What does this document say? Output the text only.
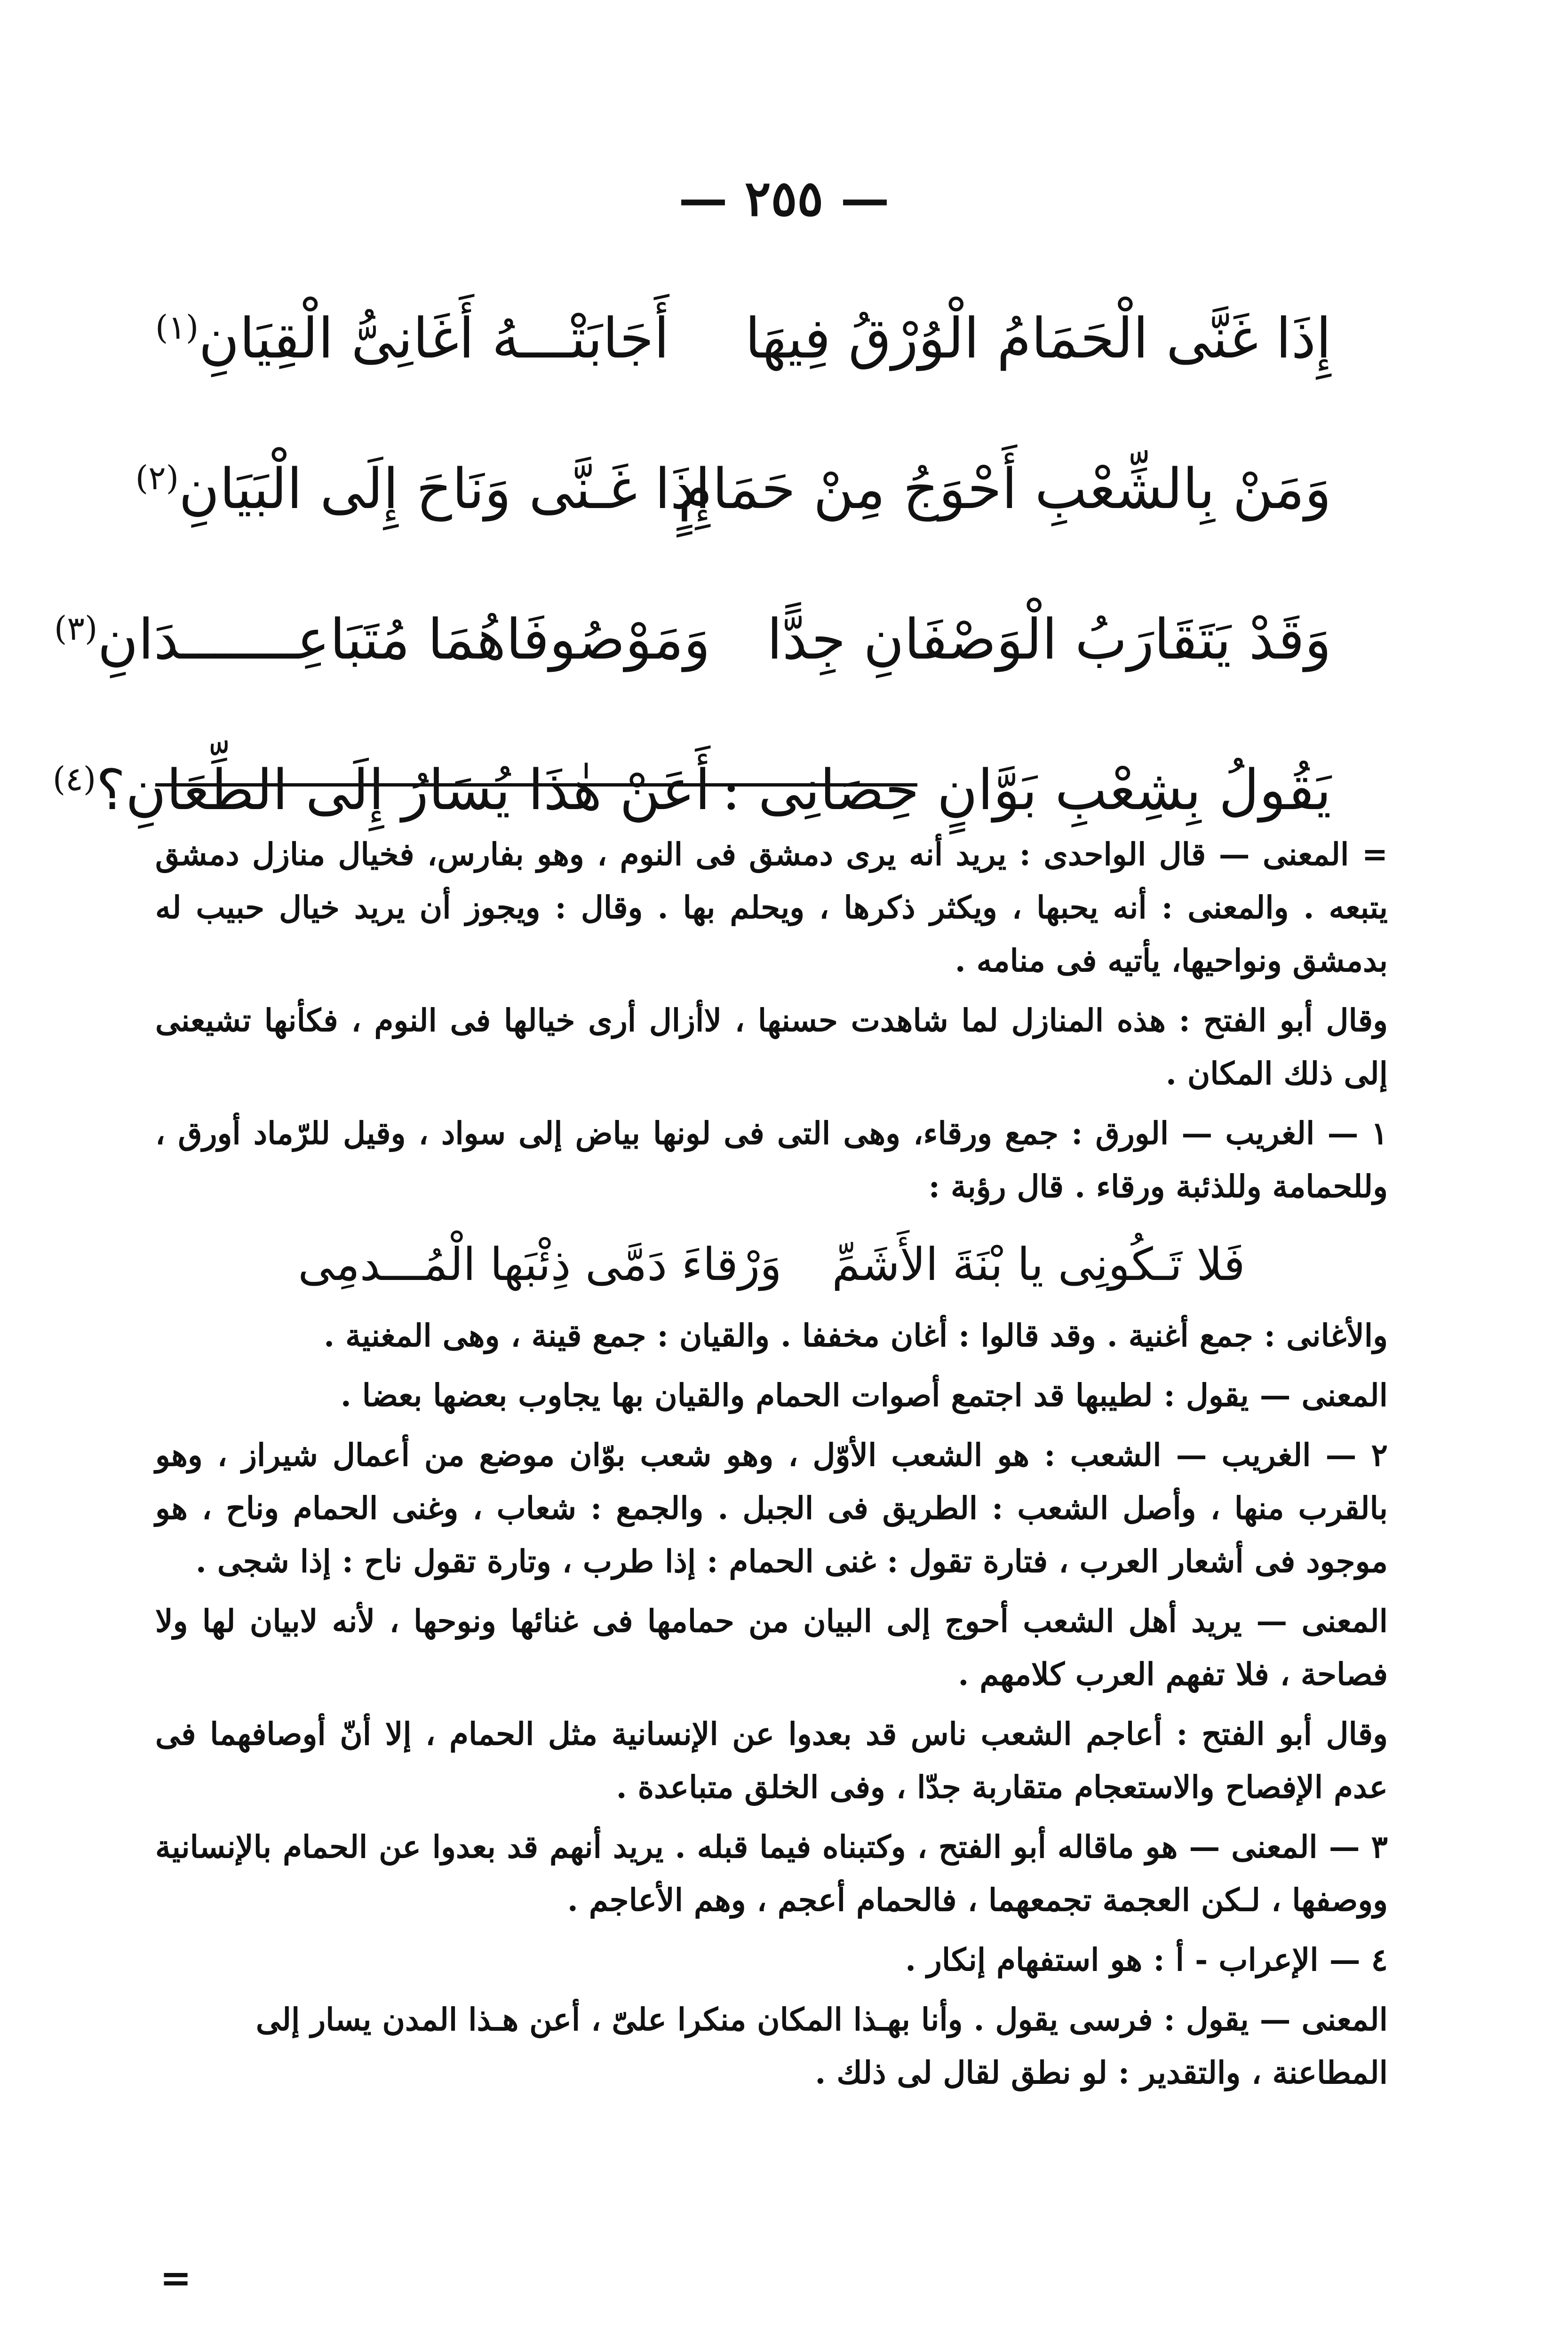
— ٢٥٥ —
إِذَا غَنَّى الْحَمَامُ الْوُرْقُ فِيهَا
أَجَابَتْـــهُ أَغَانِىُّ الْقِيَانِ(١)
وَمَنْ بِالشِّعْبِ أَحْوَجُ مِنْ حَمَامٍ
إِذَا غَـنَّى وَنَاحَ إِلَى الْبَيَانِ(٢)
وَقَدْ يَتَقَارَبُ الْوَصْفَانِ جِدًّا
وَمَوْصُوفَاهُمَا مُتَبَاعِـــــــدَانِ(٣)
يَقُولُ بِشِعْبِ بَوَّانٍ حِصَانِى :
أَعَنْ هٰذَا يُسَارُ إِلَى الطِّعَانِ؟(٤)

= المعنى — قال الواحدى : يريد أنه يرى دمشق فى النوم ، وهو بفارس، فخيال منازل دمشق يتبعه . والمعنى : أنه يحبها ، ويكثر ذكرها ، ويحلم بها . وقال : ويجوز أن يريد خيال حبيب له بدمشق ونواحيها، يأتيه فى منامه .

وقال أبو الفتح : هذه المنازل لما شاهدت حسنها ، لاأزال أرى خيالها فى النوم ، فكأنها تشيعنى إلى ذلك المكان .

١ — الغريب — الورق : جمع ورقاء، وهى التى فى لونها بياض إلى سواد ، وقيل للرّماد أورق ، وللحمامة وللذئبة ورقاء . قال رؤبة :

فَلا تَـكُونِى يا بْنَةَ الأَشَمِّ
وَرْقاءَ دَمَّى ذِئْبَها الْمُـــدمِى

والأغانى : جمع أغنية . وقد قالوا : أغان مخففا . والقيان : جمع قينة ، وهى المغنية .

المعنى — يقول : لطيبها قد اجتمع أصوات الحمام والقيان بها يجاوب بعضها بعضا .

٢ — الغريب — الشعب : هو الشعب الأوّل ، وهو شعب بوّان موضع من أعمال شيراز ، وهو بالقرب منها ، وأصل الشعب : الطريق فى الجبل . والجمع : شعاب ، وغنى الحمام وناح ، هو موجود فى أشعار العرب ، فتارة تقول : غنى الحمام : إذا طرب ، وتارة تقول ناح : إذا شجى .

المعنى — يريد أهل الشعب أحوج إلى البيان من حمامها فى غنائها ونوحها ، لأنه لابيان لها ولا فصاحة ، فلا تفهم العرب كلامهم .

وقال أبو الفتح : أعاجم الشعب ناس قد بعدوا عن الإنسانية مثل الحمام ، إلا أنّ أوصافهما فى عدم الإفصاح والاستعجام متقاربة جدّا ، وفى الخلق متباعدة .

٣ — المعنى — هو ماقاله أبو الفتح ، وكتبناه فيما قبله . يريد أنهم قد بعدوا عن الحمام بالإنسانية ووصفها ، لـكن العجمة تجمعهما ، فالحمام أعجم ، وهم الأعاجم .

٤ — الإعراب - أ : هو استفهام إنكار .

المعنى — يقول : فرسى يقول . وأنا بهـذا المكان منكرا علىّ ، أعن هـذا المدن يسار إلى المطاعنة ، والتقدير : لو نطق لقال لى ذلك .

=
